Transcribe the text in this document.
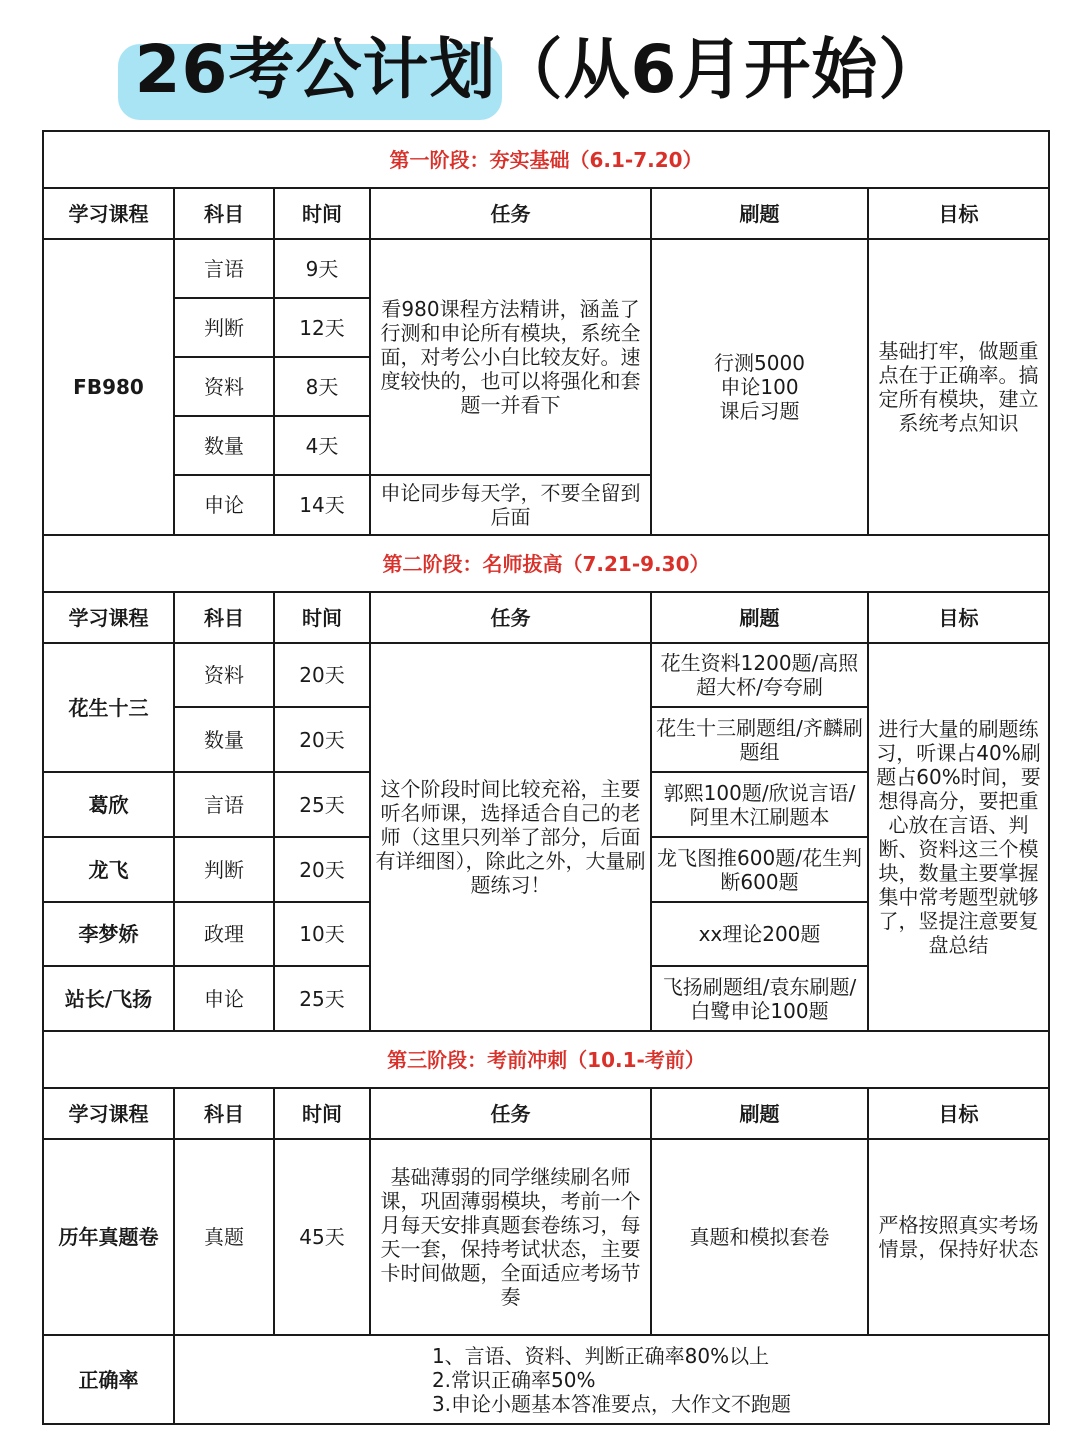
26考公计划（从6月开始）
第一阶段：夯实基础（6.1-7.20）					
学习课程	科目	时间	任务	刷题	目标
FB980	言语	9天	看980课程方法精讲，涵盖了行测和申论所有模块，系统全面，对考公小白比较友好。速度较快的，也可以将强化和套题一并看下	行测5000
申论100
课后习题	基础打牢，做题重点在于正确率。搞定所有模块，建立系统考点知识
	判断	12天			
	资料	8天			
	数量	4天			
	申论	14天	申论同步每天学，不要全留到后面		
第二阶段：名师拔高（7.21-9.30）					
学习课程	科目	时间	任务	刷题	目标
花生十三	资料	20天	这个阶段时间比较充裕，主要听名师课，选择适合自己的老师（这里只列举了部分，后面有详细图），除此之外，大量刷题练习！	花生资料1200题/高照超大杯/夸夸刷	进行大量的刷题练习，听课占40%刷题占60%时间，要想得高分，要把重心放在言语、判断、资料这三个模块，数量主要掌握集中常考题型就够了，竖提注意要复盘总结
	数量	20天		花生十三刷题组/齐麟刷题组	
葛欣	言语	25天		郭熙100题/欣说言语/阿里木江刷题本	
龙飞	判断	20天		龙飞图推600题/花生判断600题	
李梦娇	政理	10天		xx理论200题	
站长/飞扬	申论	25天		飞扬刷题组/袁东刷题/白鹭申论100题	
第三阶段：考前冲刺（10.1-考前）					
学习课程	科目	时间	任务	刷题	目标
历年真题卷	真题	45天	基础薄弱的同学继续刷名师课，巩固薄弱模块，考前一个月每天安排真题套卷练习，每天一套，保持考试状态，主要卡时间做题，全面适应考场节奏	真题和模拟套卷	严格按照真实考场情景，保持好状态
正确率	1、言语、资料、判断正确率80%以上
2.常识正确率50%
3.申论小题基本答准要点，大作文不跑题				
